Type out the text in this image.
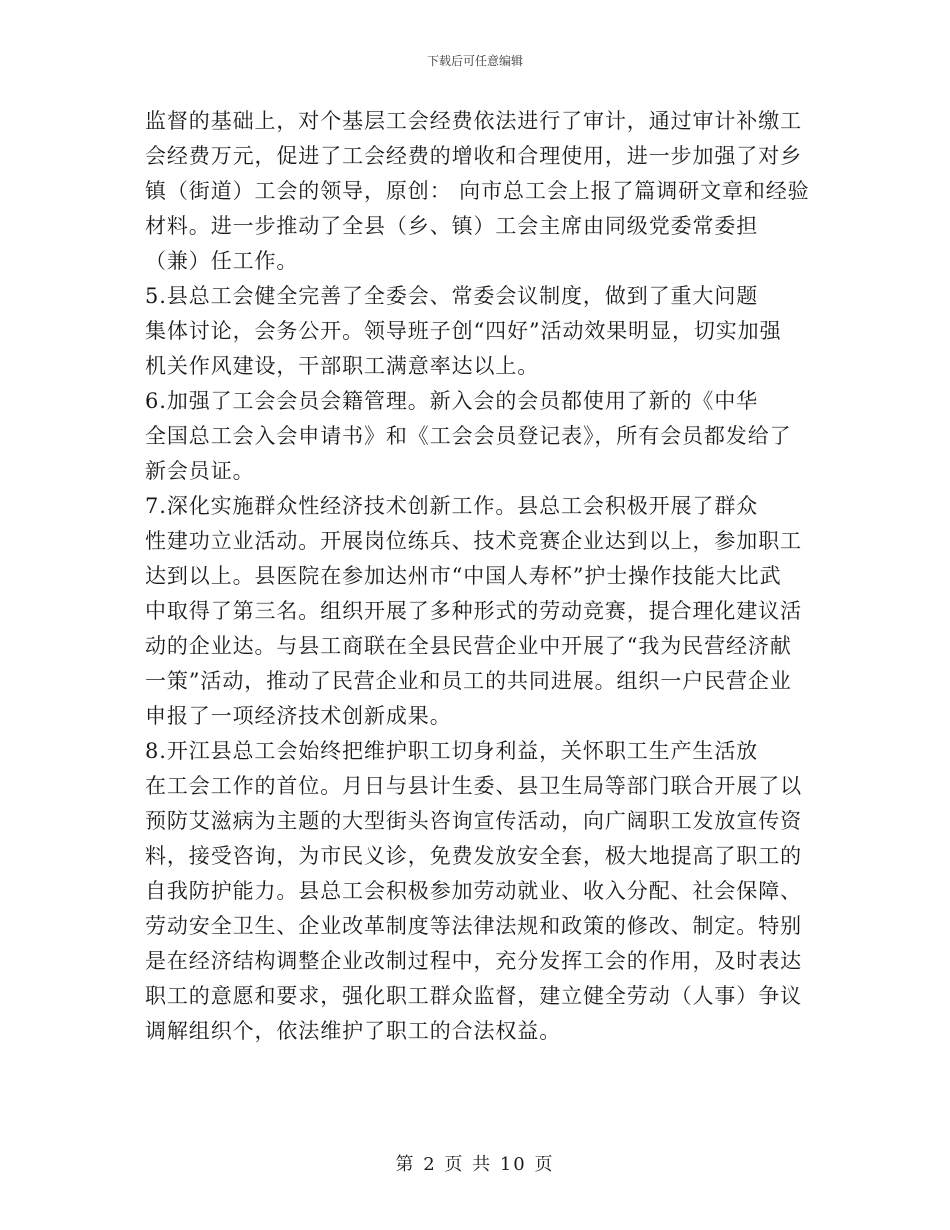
下载后可任意编辑
监督的基础上，对个基层工会经费依法进行了审计，通过审计补缴工
会经费万元，促进了工会经费的增收和合理使用，进一步加强了对乡
镇（街道）工会的领导，原创： 向市总工会上报了篇调研文章和经验
材料。进一步推动了全县（乡、镇）工会主席由同级党委常委担
（兼）任工作。
5.县总工会健全完善了全委会、常委会议制度，做到了重大问题
集体讨论，会务公开。领导班子创“四好”活动效果明显，切实加强
机关作风建设，干部职工满意率达以上。
6.加强了工会会员会籍管理。新入会的会员都使用了新的《中华
全国总工会入会申请书》和《工会会员登记表》，所有会员都发给了
新会员证。
7.深化实施群众性经济技术创新工作。县总工会积极开展了群众
性建功立业活动。开展岗位练兵、技术竞赛企业达到以上，参加职工
达到以上。县医院在参加达州市“中国人寿杯”护士操作技能大比武
中取得了第三名。组织开展了多种形式的劳动竞赛，提合理化建议活
动的企业达。与县工商联在全县民营企业中开展了“我为民营经济献
一策”活动，推动了民营企业和员工的共同进展。组织一户民营企业
申报了一项经济技术创新成果。
8.开江县总工会始终把维护职工切身利益，关怀职工生产生活放
在工会工作的首位。月日与县计生委、县卫生局等部门联合开展了以
预防艾滋病为主题的大型街头咨询宣传活动，向广阔职工发放宣传资
料，接受咨询，为市民义诊，免费发放安全套，极大地提高了职工的
自我防护能力。县总工会积极参加劳动就业、收入分配、社会保障、
劳动安全卫生、企业改革制度等法律法规和政策的修改、制定。特别
是在经济结构调整企业改制过程中，充分发挥工会的作用，及时表达
职工的意愿和要求，强化职工群众监督，建立健全劳动（人事）争议
调解组织个，依法维护了职工的合法权益。
第 2 页 共 10 页
